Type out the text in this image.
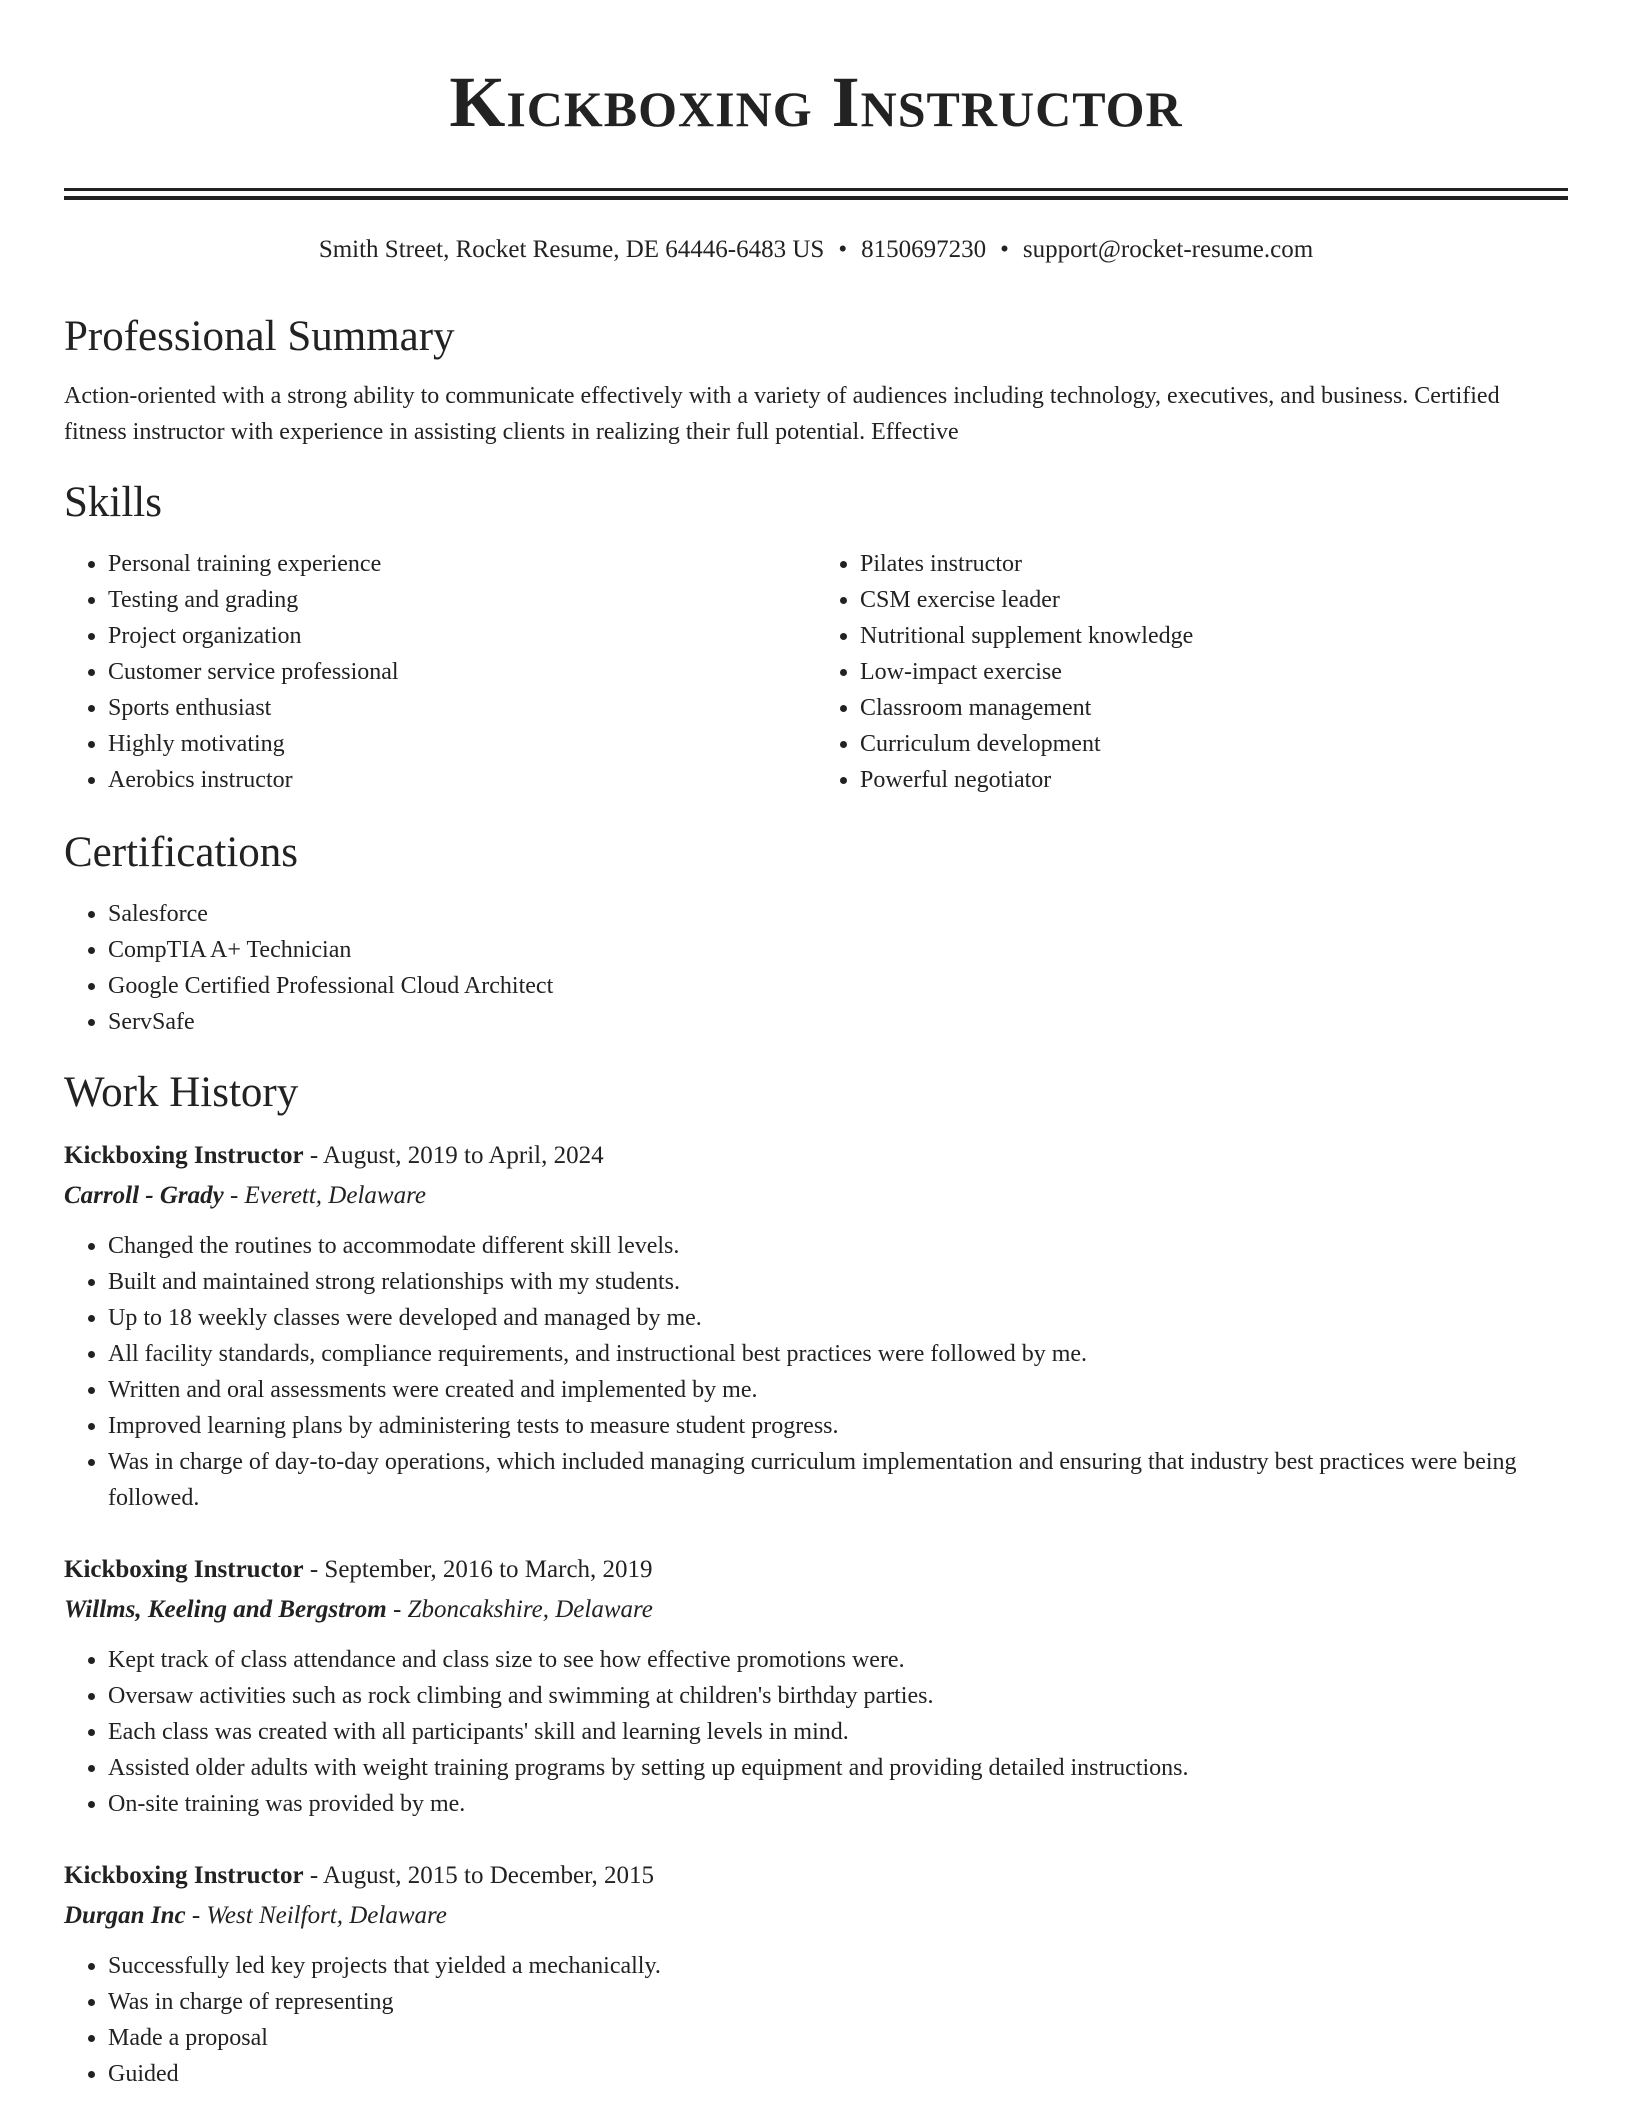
Kickboxing Instructor
Smith Street, Rocket Resume, DE 64446-6483 US • 8150697230 • support@rocket-resume.com
Professional Summary
Action-oriented with a strong ability to communicate effectively with a variety of audiences including technology, executives, and business. Certified fitness instructor with experience in assisting clients in realizing their full potential. Effective
Skills
• Personal training experience
• Testing and grading
• Project organization
• Customer service professional
• Sports enthusiast
• Highly motivating
• Aerobics instructor
• Pilates instructor
• CSM exercise leader
• Nutritional supplement knowledge
• Low-impact exercise
• Classroom management
• Curriculum development
• Powerful negotiator
Certifications
• Salesforce
• CompTIA A+ Technician
• Google Certified Professional Cloud Architect
• ServSafe
Work History
Kickboxing Instructor - August, 2019 to April, 2024
Carroll - Grady - Everett, Delaware
• Changed the routines to accommodate different skill levels.
• Built and maintained strong relationships with my students.
• Up to 18 weekly classes were developed and managed by me.
• All facility standards, compliance requirements, and instructional best practices were followed by me.
• Written and oral assessments were created and implemented by me.
• Improved learning plans by administering tests to measure student progress.
• Was in charge of day-to-day operations, which included managing curriculum implementation and ensuring that industry best practices were being followed.
Kickboxing Instructor - September, 2016 to March, 2019
Willms, Keeling and Bergstrom - Zboncakshire, Delaware
• Kept track of class attendance and class size to see how effective promotions were.
• Oversaw activities such as rock climbing and swimming at children's birthday parties.
• Each class was created with all participants' skill and learning levels in mind.
• Assisted older adults with weight training programs by setting up equipment and providing detailed instructions.
• On-site training was provided by me.
Kickboxing Instructor - August, 2015 to December, 2015
Durgan Inc - West Neilfort, Delaware
• Successfully led key projects that yielded a mechanically.
• Was in charge of representing
• Made a proposal
• Guided
